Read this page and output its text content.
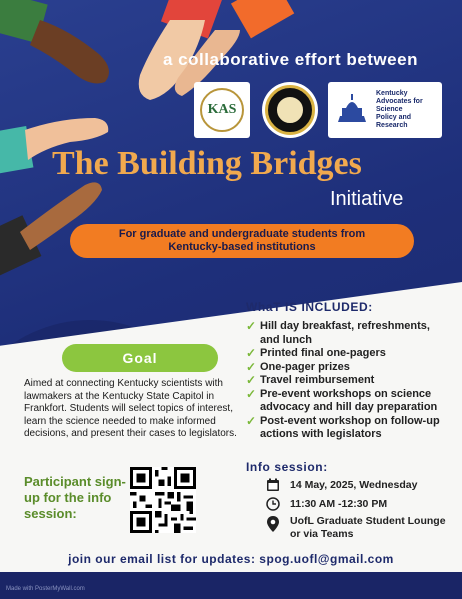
a collaborative effort between
KAS
Kentucky
Advocates for
Science
Policy and
Research
The Building Bridges
Initiative
For graduate and undergraduate students from
Kentucky-based institutions
Goal
Aimed at connecting Kentucky scientists with lawmakers at the Kentucky State Capitol in Frankfort. Students will select topics of interest, learn the science needed to make informed decisions, and present their cases to legislators.
Participant sign- up for the info session:
WhaT IS INCLUDED:
✓ Hill day breakfast, refreshments, and lunch
✓ Printed final one-pagers
✓ One-pager prizes
✓ Travel reimbursement
✓ Pre-event workshops on science advocacy and hill day preparation
✓ Post-event workshop on follow-up actions with legislators
Info session:
14 May, 2025, Wednesday
11:30 AM -12:30 PM
UofL Graduate Student Lounge
or via Teams
join our email list for updates: spog.uofl@gmail.com
Made with PosterMyWall.com
